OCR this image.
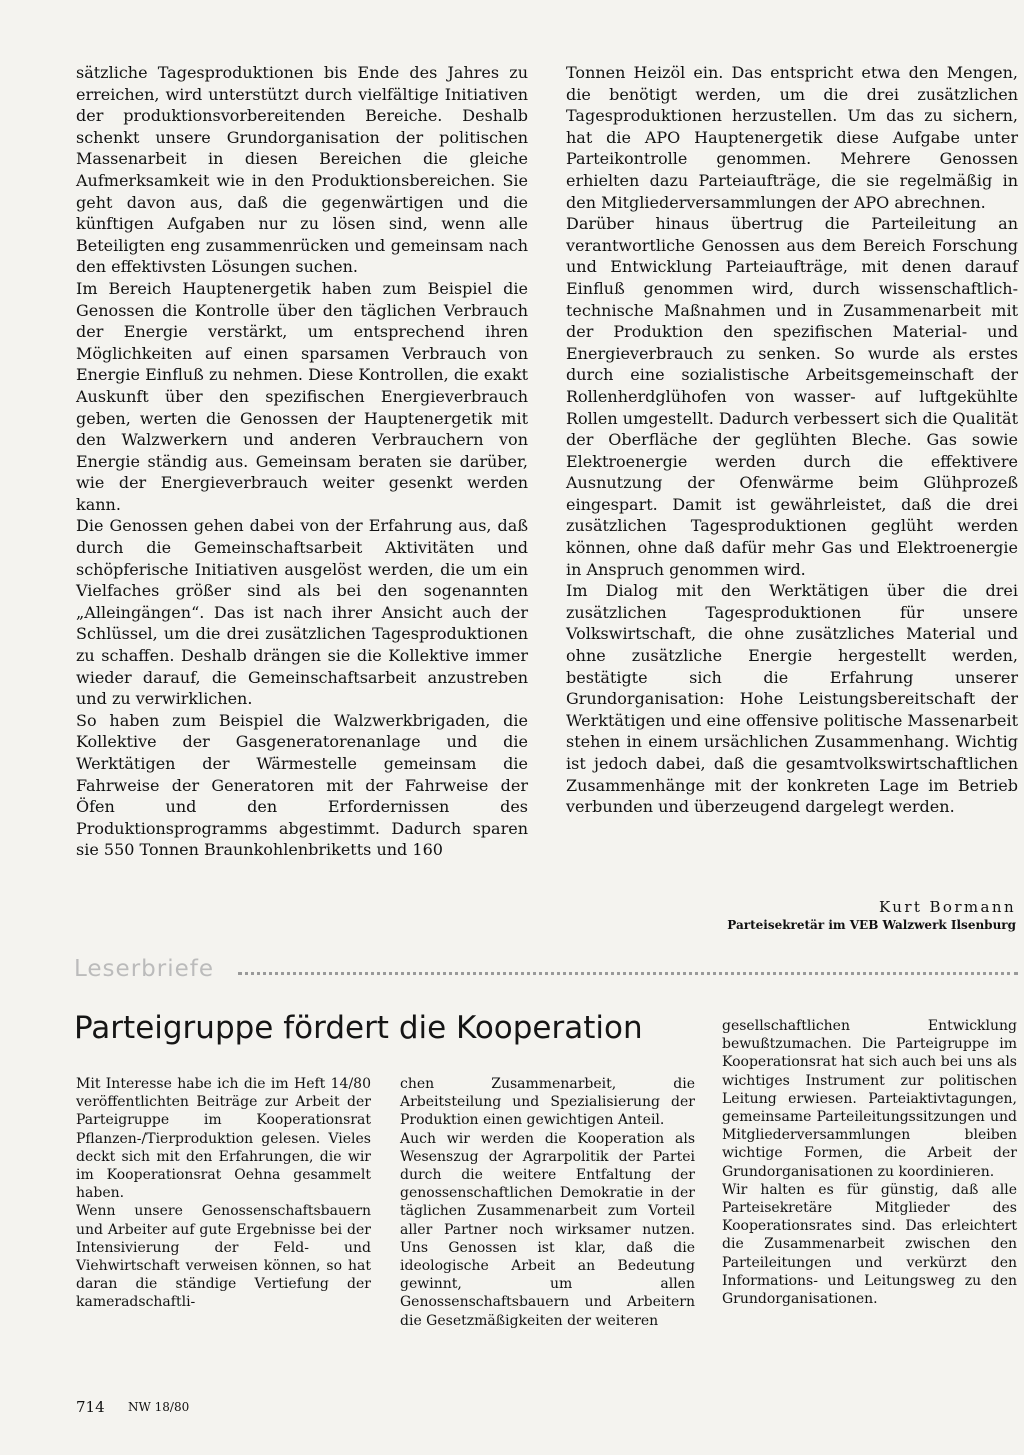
sätzliche Tagesproduktionen bis Ende des Jahres zu erreichen, wird unterstützt durch vielfältige Initiativen der produktionsvorbereitenden Bereiche. Deshalb schenkt unsere Grundorganisation der politischen Massenarbeit in diesen Bereichen die gleiche Aufmerksamkeit wie in den Produktionsbereichen. Sie geht davon aus, daß die gegenwärtigen und die künftigen Aufgaben nur zu lösen sind, wenn alle Beteiligten eng zusammenrücken und gemeinsam nach den effektivsten Lösungen suchen.

Im Bereich Hauptenergetik haben zum Beispiel die Genossen die Kontrolle über den täglichen Verbrauch der Energie verstärkt, um entsprechend ihren Möglichkeiten auf einen sparsamen Verbrauch von Energie Einfluß zu nehmen. Diese Kontrollen, die exakt Auskunft über den spezifischen Energieverbrauch geben, werten die Genossen der Hauptenergetik mit den Walzwerkern und anderen Verbrauchern von Energie ständig aus. Gemeinsam beraten sie darüber, wie der Energieverbrauch weiter gesenkt werden kann.

Die Genossen gehen dabei von der Erfahrung aus, daß durch die Gemeinschaftsarbeit Aktivitäten und schöpferische Initiativen ausgelöst werden, die um ein Vielfaches größer sind als bei den sogenannten „Alleingängen“. Das ist nach ihrer Ansicht auch der Schlüssel, um die drei zusätzlichen Tagesproduktionen zu schaffen. Deshalb drängen sie die Kollektive immer wieder darauf, die Gemeinschaftsarbeit anzustreben und zu verwirklichen.

So haben zum Beispiel die Walzwerkbrigaden, die Kollektive der Gasgeneratorenanlage und die Werktätigen der Wärmestelle gemeinsam die Fahrweise der Generatoren mit der Fahrweise der Öfen und den Erfordernissen des Produktionsprogramms abgestimmt. Dadurch sparen sie 550 Tonnen Braunkohlenbriketts und 160

Tonnen Heizöl ein. Das entspricht etwa den Mengen, die benötigt werden, um die drei zusätzlichen Tagesproduktionen herzustellen. Um das zu sichern, hat die APO Hauptenergetik diese Aufgabe unter Parteikontrolle genommen. Mehrere Genossen erhielten dazu Parteiaufträge, die sie regelmäßig in den Mitgliederversammlungen der APO abrechnen.

Darüber hinaus übertrug die Parteileitung an verantwortliche Genossen aus dem Bereich Forschung und Entwicklung Parteiaufträge, mit denen darauf Einfluß genommen wird, durch wissenschaftlich-technische Maßnahmen und in Zusammenarbeit mit der Produktion den spezifischen Material- und Energieverbrauch zu senken. So wurde als erstes durch eine sozialistische Arbeitsgemeinschaft der Rollenherdglühofen von wasser- auf luftgekühlte Rollen umgestellt. Dadurch verbessert sich die Qualität der Oberfläche der geglühten Bleche. Gas sowie Elektroenergie werden durch die effektivere Ausnutzung der Ofenwärme beim Glühprozeß eingespart. Damit ist gewährleistet, daß die drei zusätzlichen Tagesproduktionen geglüht werden können, ohne daß dafür mehr Gas und Elektroenergie in Anspruch genommen wird.

Im Dialog mit den Werktätigen über die drei zusätzlichen Tagesproduktionen für unsere Volkswirtschaft, die ohne zusätzliches Material und ohne zusätzliche Energie hergestellt werden, bestätigte sich die Erfahrung unserer Grundorganisation: Hohe Leistungsbereitschaft der Werktätigen und eine offensive politische Massenarbeit stehen in einem ursächlichen Zusammenhang. Wichtig ist jedoch dabei, daß die gesamtvolkswirtschaftlichen Zusammenhänge mit der konkreten Lage im Betrieb verbunden und überzeugend dargelegt werden.

Kurt Bormann
Parteisekretär im VEB Walzwerk Ilsenburg
Leserbriefe
Parteigruppe fördert die Kooperation

Mit Interesse habe ich die im Heft 14/80 veröffentlichten Beiträge zur Arbeit der Parteigruppe im Kooperationsrat Pflanzen-/Tierproduktion gelesen. Vieles deckt sich mit den Erfahrungen, die wir im Kooperationsrat Oehna gesammelt haben.

Wenn unsere Genossenschaftsbauern und Arbeiter auf gute Ergebnisse bei der Intensivierung der Feld- und Viehwirtschaft verweisen können, so hat daran die ständige Vertiefung der kameradschaftli-

chen Zusammenarbeit, die Arbeitsteilung und Spezialisierung der Produktion einen gewichtigen Anteil.

Auch wir werden die Kooperation als Wesenszug der Agrarpolitik der Partei durch die weitere Entfaltung der genossenschaftlichen Demokratie in der täglichen Zusammenarbeit zum Vorteil aller Partner noch wirksamer nutzen. Uns Genossen ist klar, daß die ideologische Arbeit an Bedeutung gewinnt, um allen Genossenschaftsbauern und Arbeitern die Gesetzmäßigkeiten der weiteren

gesellschaftlichen Entwicklung bewußtzumachen. Die Parteigruppe im Kooperationsrat hat sich auch bei uns als wichtiges Instrument zur politischen Leitung erwiesen. Parteiaktivtagungen, gemeinsame Parteileitungssitzungen und Mitgliederversammlungen bleiben wichtige Formen, die Arbeit der Grundorganisationen zu koordinieren.

Wir halten es für günstig, daß alle Parteisekretäre Mitglieder des Kooperationsrates sind. Das erleichtert die Zusammenarbeit zwischen den Parteileitungen und verkürzt den Informations- und Leitungsweg zu den Grundorganisationen.

714 NW 18/80
